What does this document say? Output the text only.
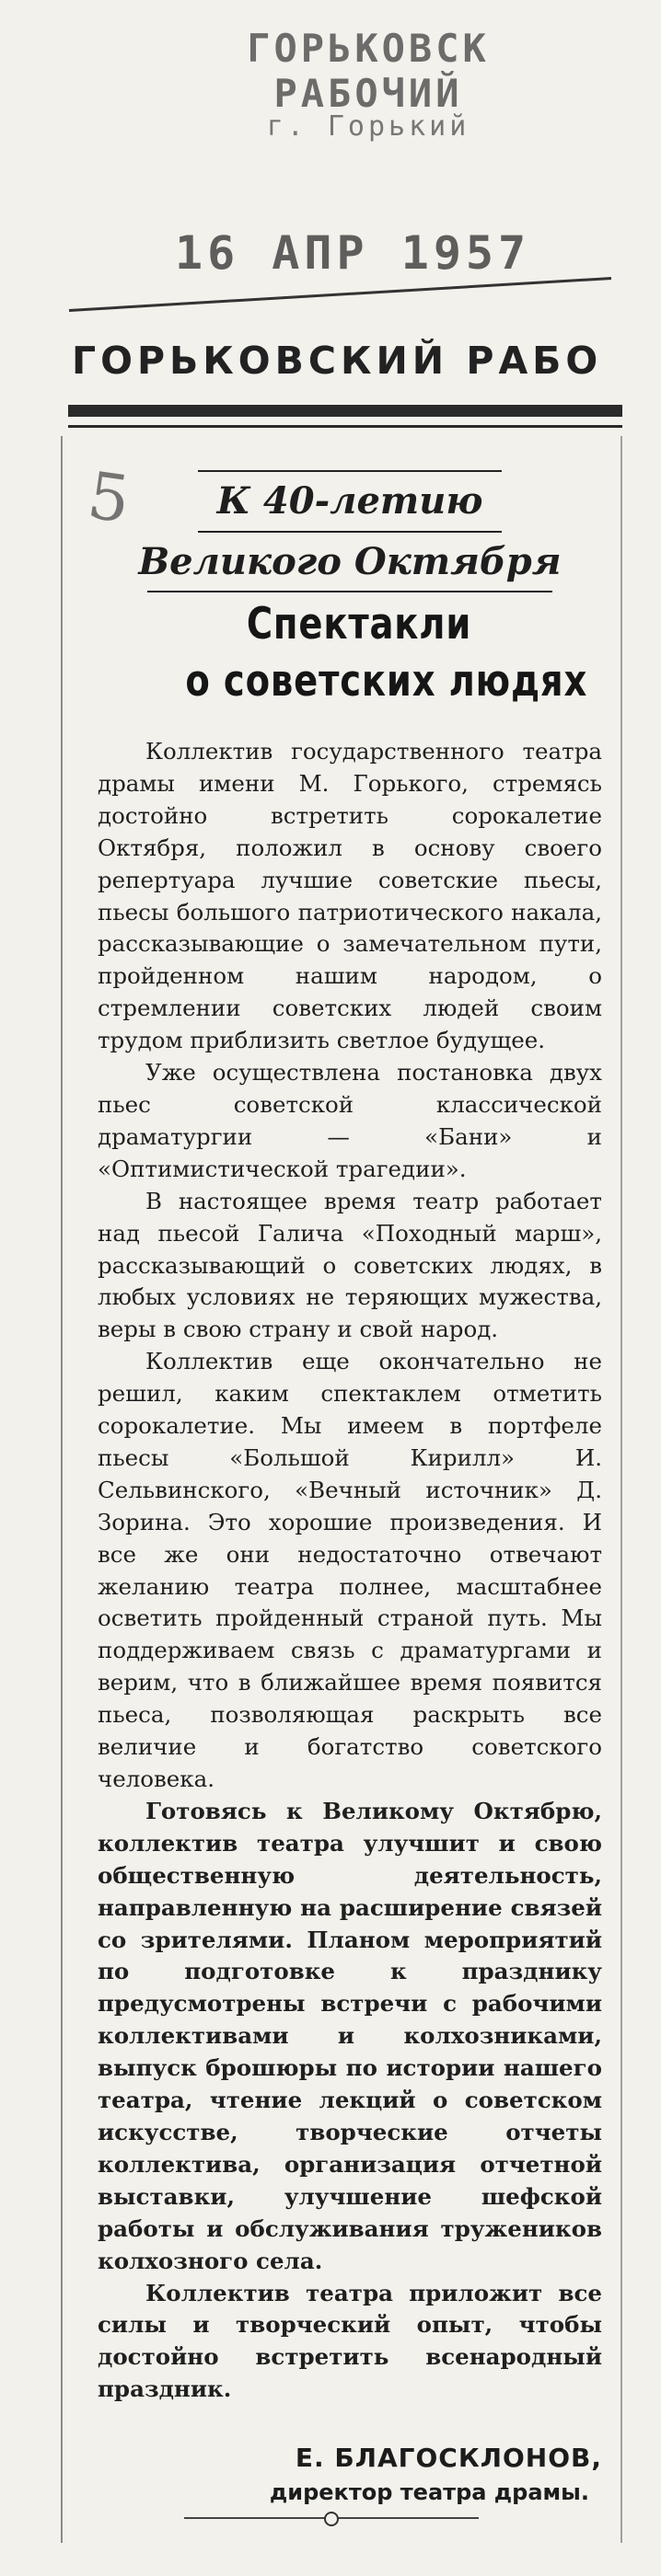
ГОРЬКОВСК РАБОЧИЙ
г. Горький
16 АПР 1957
ГОРЬКОВСКИЙ РАБО
5	К 40-летию
Великого Октября
Спектакли
о советских людях

Коллектив государственного театра драмы имени М. Горького, стремясь достойно встретить сорокалетие Октября, положил в основу своего репертуара лучшие советские пьесы, пьесы большого патриотического накала, рассказывающие о замечательном пути, пройденном нашим народом, о стремлении советских людей своим трудом приблизить светлое будущее.

Уже осуществлена постановка двух пьес советской классической драматургии — «Бани» и «Оптимистической трагедии».

В настоящее время театр работает над пьесой Галича «Походный марш», рассказывающий о советских людях, в любых условиях не теряющих мужества, веры в свою страну и свой народ.

Коллектив еще окончательно не решил, каким спектаклем отметить сорокалетие. Мы имеем в портфеле пьесы «Большой Кирилл» И. Сельвинского, «Вечный источник» Д. Зорина. Это хорошие произведения. И все же они недостаточно отвечают желанию театра полнее, масштабнее осветить пройденный страной путь. Мы поддерживаем связь с драматургами и верим, что в ближайшее время появится пьеса, позволяющая раскрыть все величие и богатство советского человека.

Готовясь к Великому Октябрю, коллектив театра улучшит и свою общественную деятельность, направленную на расширение связей со зрителями. Планом мероприятий по подготовке к празднику предусмотрены встречи с рабочими коллективами и колхозниками, выпуск брошюры по истории нашего театра, чтение лекций о советском искусстве, творческие отчеты коллектива, организация отчетной выставки, улучшение шефской работы и обслуживания тружеников колхозного села.

Коллектив театра приложит все силы и творческий опыт, чтобы достойно встретить всенародный праздник.

Е. БЛАГОСКЛОНОВ,
директор театра драмы.
